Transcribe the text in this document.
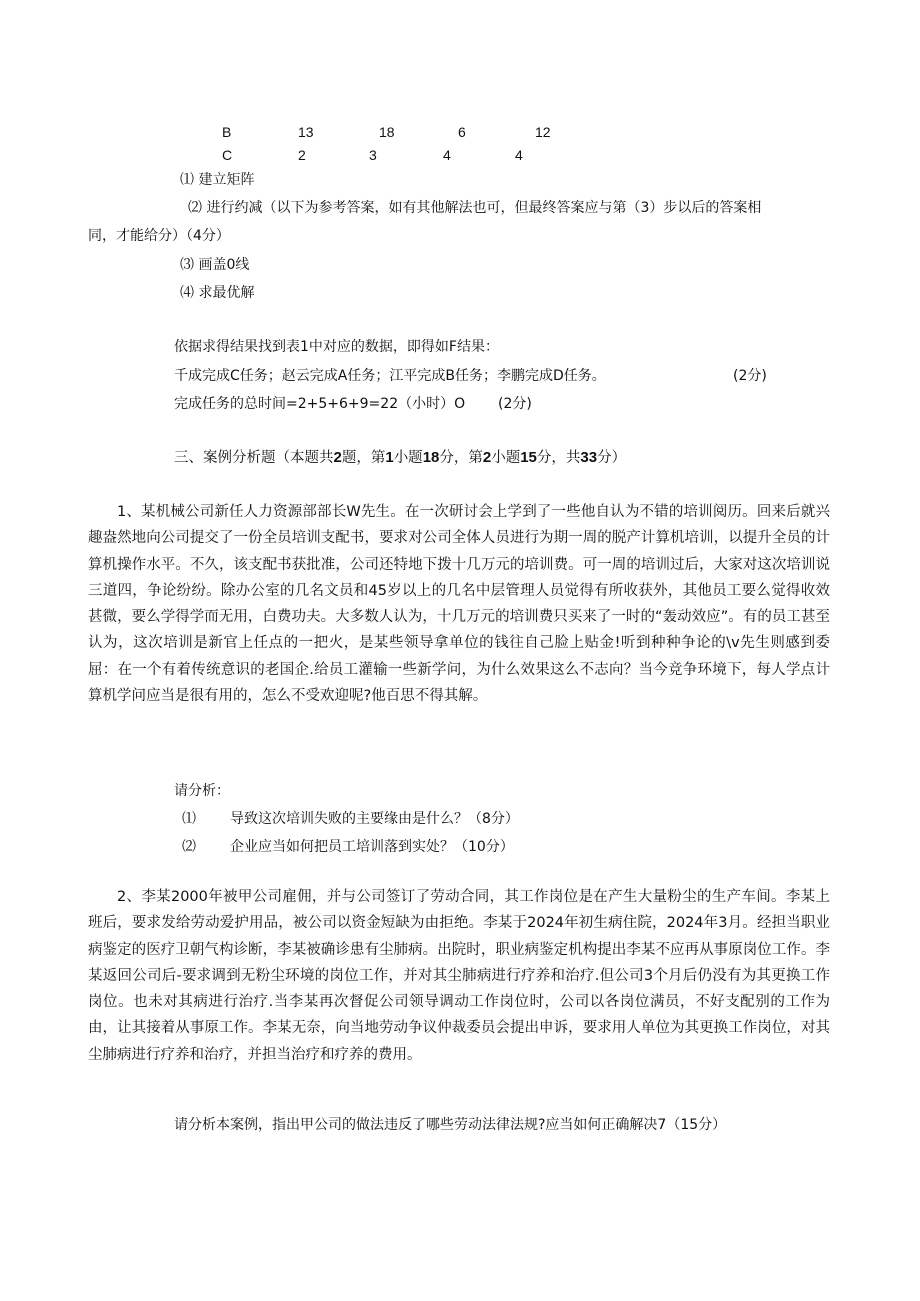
B	13	18	6	12
C	2	3	4	4
⑴ 建立矩阵
⑵ 进行约减（以下为参考答案，如有其他解法也可，但最终答案应与第（3）步以后的答案相
同，才能给分）（4分）
⑶ 画盖0线
⑷ 求最优解
依据求得结果找到表1中对应的数据，即得如F结果：
千成完成C任务；赵云完成A任务；江平完成B任务；李鹏完成D任务。	(2分)
完成任务的总时间=2+5+6+9=22（小时）O (2分)
三、案例分析题（本题共2题，第1小题18分，第2小题15分，共33分）

1、某机械公司新任人力资源部部长W先生。在一次研讨会上学到了一些他自认为不错的培训阅历。回来后就兴趣盎然地向公司提交了一份全员培训支配书，要求对公司全体人员进行为期一周的脱产计算机培训，以提升全员的计算机操作水平。不久，该支配书获批准，公司还特地下拨十几万元的培训费。可一周的培训过后，大家对这次培训说三道四，争论纷纷。除办公室的几名文员和45岁以上的几名中层管理人员觉得有所收获外，其他员工要么觉得收效甚微，要么学得学而无用，白费功夫。大多数人认为，十几万元的培训费只买来了一时的“轰动效应”。有的员工甚至认为，这次培训是新官上任点的一把火，是某些领导拿单位的钱往自己脸上贴金!听到种种争论的\v先生则感到委屈：在一个有着传统意识的老国企.给员工灌输一些新学问，为什么效果这么不志向？当今竞争环境下，每人学点计算机学问应当是很有用的，怎么不受欢迎呢?他百思不得其解。

请分析：
⑴ 导致这次培训失败的主要缘由是什么？（8分）
⑵ 企业应当如何把员工培训落到实处？（10分）

2、李某2000年被甲公司雇佣，并与公司签订了劳动合同，其工作岗位是在产生大量粉尘的生产车间。李某上班后，要求发给劳动爱护用品，被公司以资金短缺为由拒绝。李某于2024年初生病住院，2024年3月。经担当职业病鉴定的医疗卫朝气构诊断，李某被确诊患有尘肺病。出院时，职业病鉴定机构提出李某不应再从事原岗位工作。李某返回公司后-要求调到无粉尘环境的岗位工作，并对其尘肺病进行疗养和治疗.但公司3个月后仍没有为其更换工作岗位。也未对其病进行治疗.当李某再次督促公司领导调动工作岗位时，公司以各岗位满员，不好支配别的工作为由，让其接着从事原工作。李某无奈，向当地劳动争议仲裁委员会提出申诉，要求用人单位为其更换工作岗位，对其尘肺病进行疗养和治疗，并担当治疗和疗养的费用。

请分析本案例，指出甲公司的做法违反了哪些劳动法律法规?应当如何正确解决7（15分）
